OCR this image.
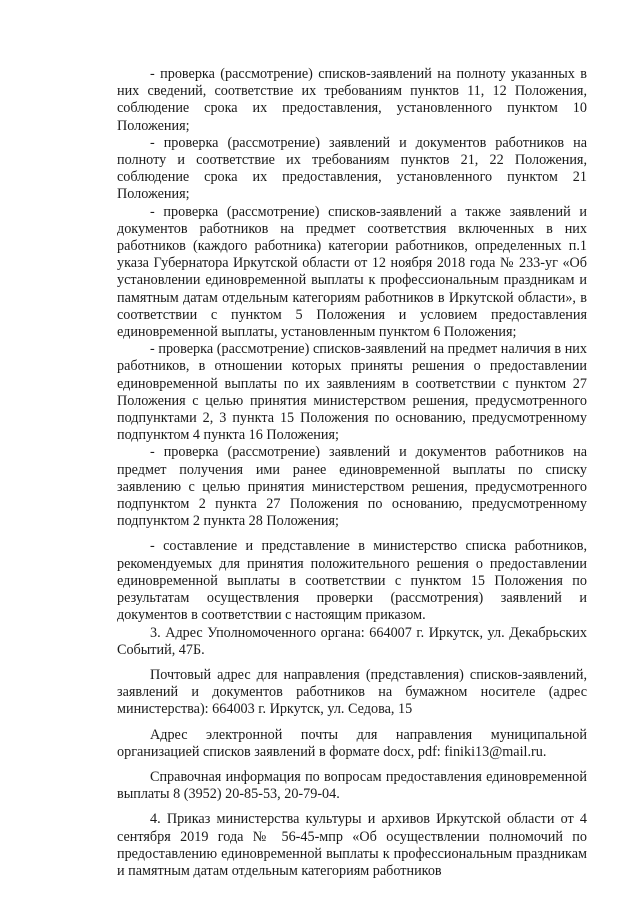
- проверка (рассмотрение) списков-заявлений на полноту указанных в них сведений, соответствие их требованиям пунктов 11, 12 Положения, соблюдение срока их предоставления, установленного пунктом 10 Положения;

- проверка (рассмотрение) заявлений и документов работников на полноту и соответствие их требованиям пунктов 21, 22 Положения, соблюдение срока их предоставления, установленного пунктом 21 Положения;

- проверка (рассмотрение) списков-заявлений а также заявлений и документов работников на предмет соответствия включенных в них работников (каждого работника) категории работников, определенных п.1 указа Губернатора Иркутской области от 12 ноября 2018 года № 233-уг «Об установлении единовременной выплаты к профессиональным праздникам и памятным датам отдельным категориям работников в Иркутской области», в соответствии с пунктом 5 Положения и условием предоставления единовременной выплаты, установленным пунктом 6 Положения;

- проверка (рассмотрение) списков-заявлений на предмет наличия в них работников, в отношении которых приняты решения о предоставлении единовременной выплаты по их заявлениям в соответствии с пунктом 27 Положения с целью принятия министерством решения, предусмотренного подпунктами 2, 3 пункта 15 Положения по основанию, предусмотренному подпунктом 4 пункта 16 Положения;

- проверка (рассмотрение) заявлений и документов работников на предмет получения ими ранее единовременной выплаты по списку заявлению с целью принятия министерством решения, предусмотренного подпунктом 2 пункта 27 Положения по основанию, предусмотренному подпунктом 2 пункта 28 Положения;

- составление и представление в министерство списка работников, рекомендуемых для принятия положительного решения о предоставлении единовременной выплаты в соответствии с пунктом 15 Положения по результатам осуществления проверки (рассмотрения) заявлений и документов в соответствии с настоящим приказом.

3. Адрес Уполномоченного органа: 664007 г. Иркутск, ул. Декабрьских Событий, 47Б.

Почтовый адрес для направления (представления) списков-заявлений, заявлений и документов работников на бумажном носителе (адрес министерства): 664003 г. Иркутск, ул. Седова, 15

Адрес электронной почты для направления муниципальной организацией списков заявлений в формате docx, pdf: finiki13@mail.ru.

Справочная информация по вопросам предоставления единовременной выплаты 8 (3952) 20-85-53, 20-79-04.

4. Приказ министерства культуры и архивов Иркутской области от 4 сентября 2019 года № 56-45-мпр «Об осуществлении полномочий по предоставлению единовременной выплаты к профессиональным праздникам и памятным датам отдельным категориям работников
